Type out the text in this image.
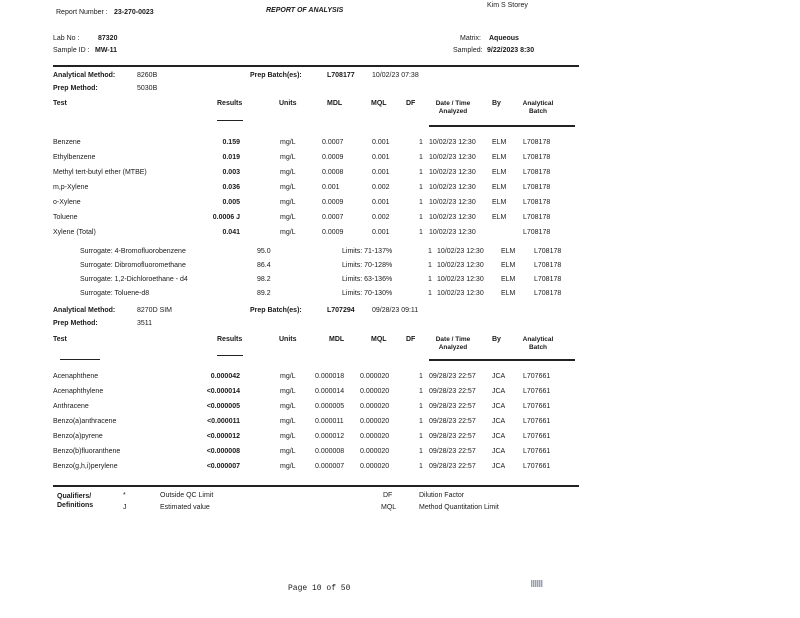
Report Number : 23-270-0023	REPORT OF ANALYSIS
Kim S Storey
Lab No :	87320
Sample ID : MW-11
Matrix: Aqueous
Sampled: 9/22/2023 8:30
Analytical Method:	8260B	Prep Batch(es):	L708177 10/02/23 07:38
Prep Method:	5030B
Test	Results	Units	MDL	MQL	DF	Date / Time Analyzed
By	Analytical Batch
Benzene	0.159	mg/L	0.0007	0.001	1 10/02/23 12:30 ELM L708178
Ethylbenzene	0.019	mg/L	0.0009	0.001	1 10/02/23 12:30 ELM L708178
Methyl tert-butyl ether (MTBE)	0.003	mg/L	0.0008	0.001	1 10/02/23 12:30 ELM L708178
m,p-Xylene	0.036	mg/L	0.001	0.002	1 10/02/23 12:30 ELM L708178
o-Xylene	0.005	mg/L	0.0009	0.001	1 10/02/23 12:30 ELM L708178
Toluene	0.0006 J	mg/L	0.0007	0.002	1 10/02/23 12:30 ELM L708178
Xylene (Total)	0.041	mg/L	0.0009	0.001	1 10/02/23 12:30	L708178
Surrogate: 4-Bromofluorobenzene	95.0	Limits: 71-137%	1 10/02/23 12:30 ELM	L708178
Surrogate: Dibromofluoromethane	86.4	Limits: 70-128%	1 10/02/23 12:30 ELM	L708178
Surrogate: 1,2-Dichloroethane - d4	98.2	Limits: 63-136%	1 10/02/23 12:30 ELM	L708178
Surrogate: Toluene-d8	89.2	Limits: 70-130%	1 10/02/23 12:30 ELM	L708178
Analytical Method:	8270D SIM	Prep Batch(es):	L707294 09/28/23 09:11
Prep Method:	3511
Test	Results	Units	MDL	MQL	DF	Date / Time Analyzed
By	Analytical Batch
Acenaphthene	0.000042	mg/L	0.000018 0.000020	1 09/28/23 22:57 JCA	L707661
Acenaphthylene	<0.000014	mg/L	0.000014 0.000020	1 09/28/23 22:57 JCA	L707661
Anthracene	<0.000005	mg/L	0.000005 0.000020	1 09/28/23 22:57 JCA	L707661
Benzo(a)anthracene	<0.000011	mg/L	0.000011 0.000020	1 09/28/23 22:57 JCA	L707661
Benzo(a)pyrene	<0.000012	mg/L	0.000012 0.000020	1 09/28/23 22:57 JCA	L707661
Benzo(b)fluoranthene	<0.000008	mg/L	0.000008 0.000020	1 09/28/23 22:57 JCA	L707661
Benzo(g,h,i)perylene	<0.000007	mg/L	0.000007 0.000020	1 09/28/23 22:57 JCA	L707661
Qualifiers/ Definitions
*	Outside QC Limit
J	Estimated value
DF	Dilution Factor
MQL	Method Quantitation Limit
Page 10 of 50
